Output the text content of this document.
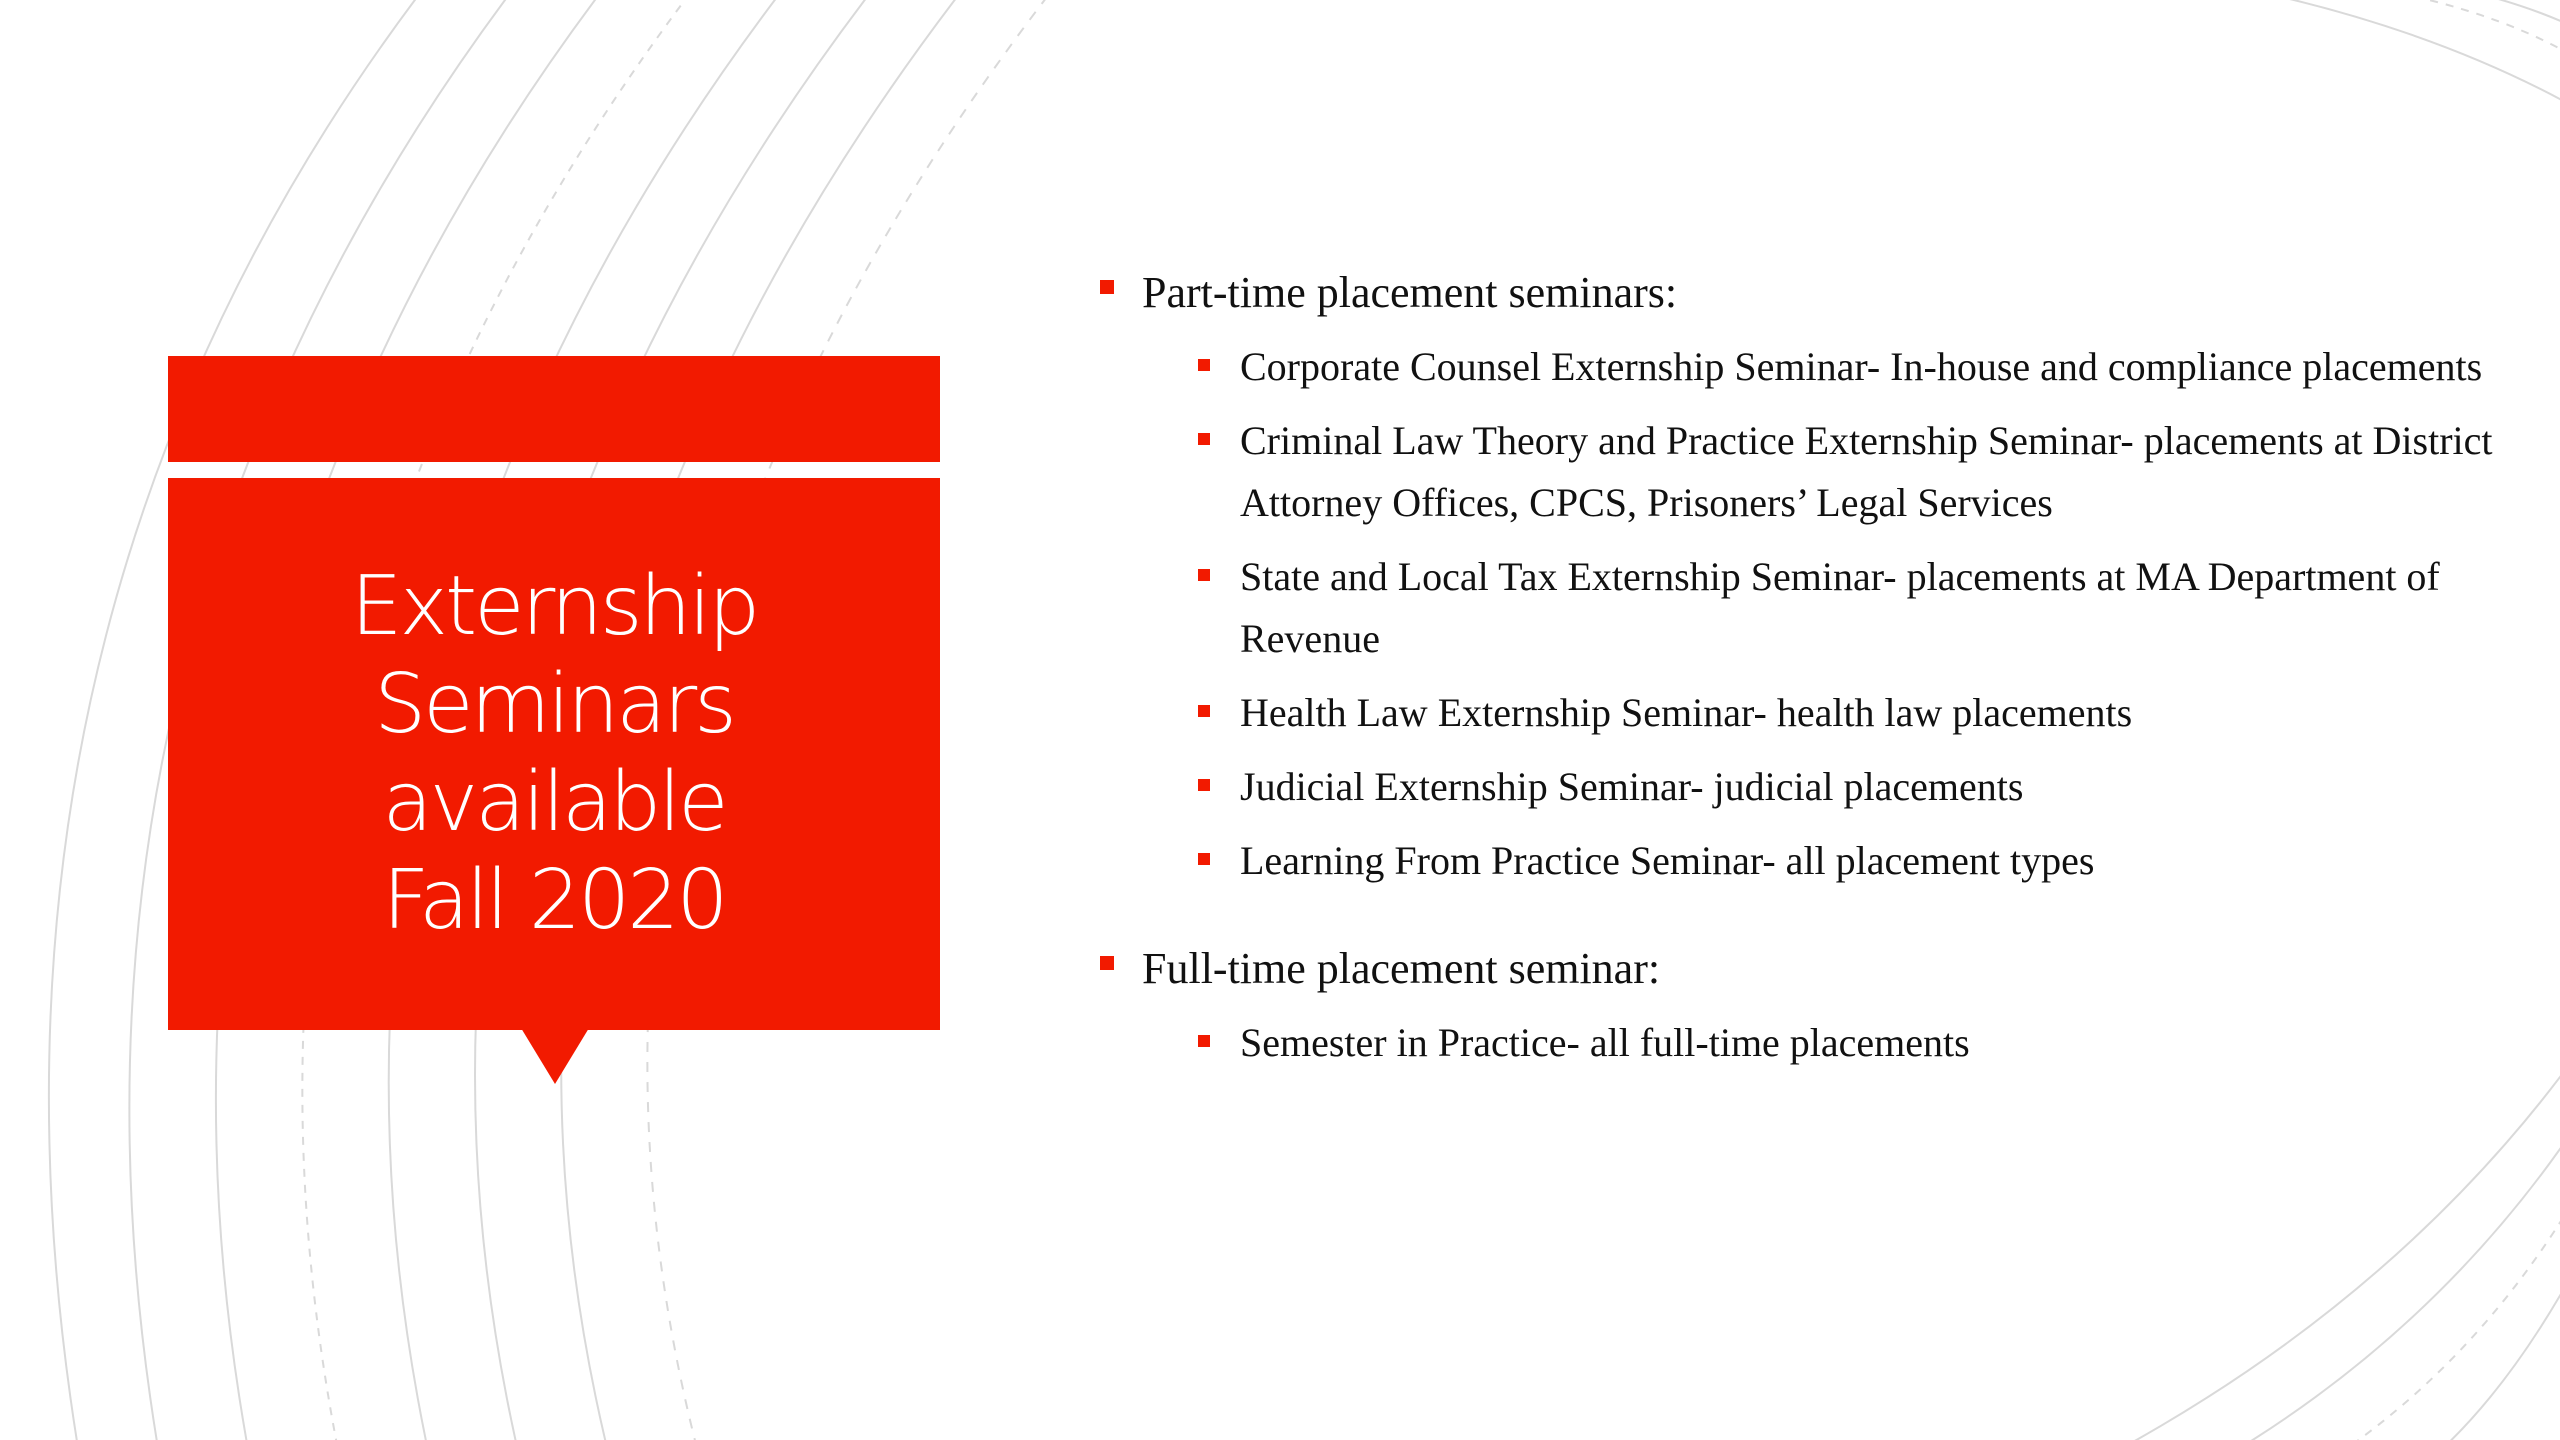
Externship
Seminars available
Fall 2020

Part-time placement seminars:

Corporate Counsel Externship Seminar- In-house and compliance placements
Criminal Law Theory and Practice Externship Seminar- placements at District Attorney Offices, CPCS, Prisoners’ Legal Services
State and Local Tax Externship Seminar- placements at MA Department of Revenue
Health Law Externship Seminar- health law placements
Judicial Externship Seminar- judicial placements
Learning From Practice Seminar- all placement types

Full-time placement seminar:

Semester in Practice- all full-time placements
